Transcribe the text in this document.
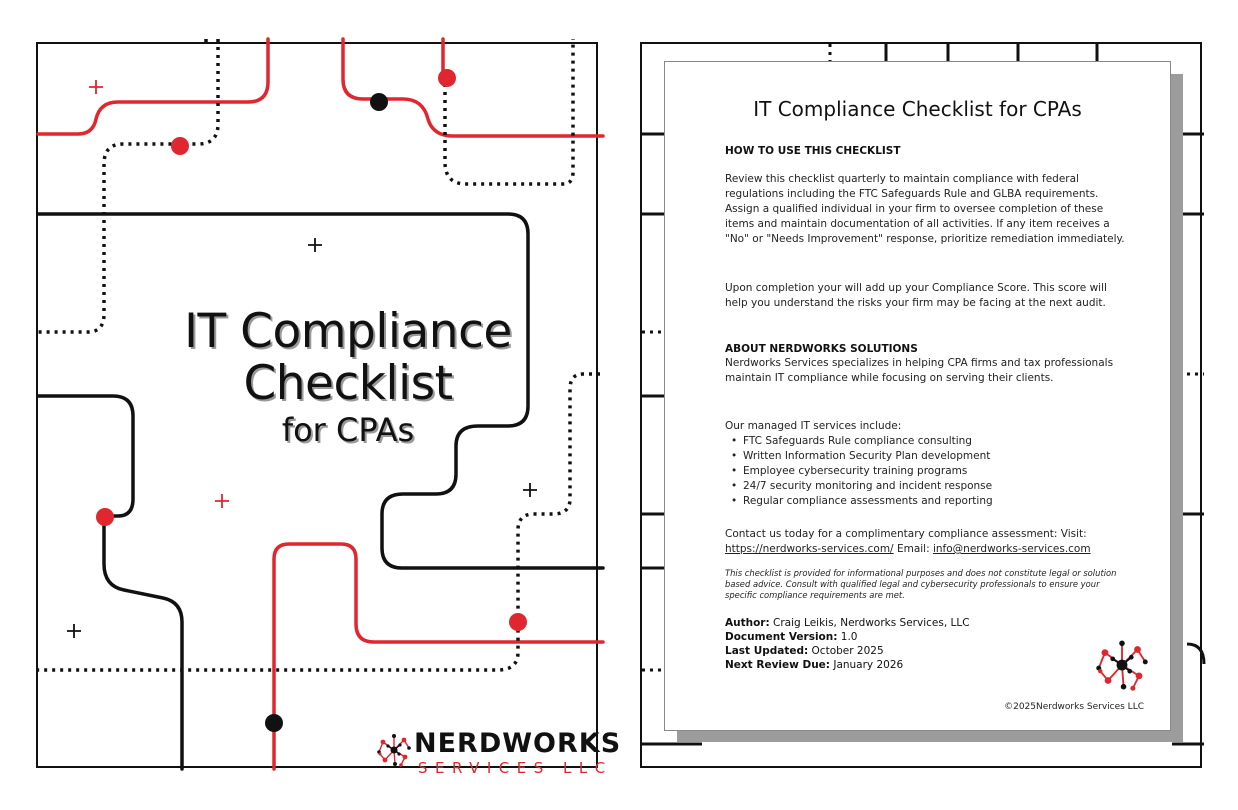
IT Compliance
Checklist
for CPAs
NERDWORKS
SERVICES LLC
IT Compliance Checklist for CPAs
HOW TO USE THIS CHECKLIST
Review this checklist quarterly to maintain compliance with federal regulations including the FTC Safeguards Rule and GLBA requirements. Assign a qualified individual in your firm to oversee completion of these items and maintain documentation of all activities. If any item receives a "No" or "Needs Improvement" response, prioritize remediation immediately.
Upon completion your will add up your Compliance Score. This score will help you understand the risks your firm may be facing at the next audit.
ABOUT NERDWORKS SOLUTIONS
Nerdworks Services specializes in helping CPA firms and tax professionals maintain IT compliance while focusing on serving their clients.

Our managed IT services include:

• FTC Safeguards Rule compliance consulting
• Written Information Security Plan development
• Employee cybersecurity training programs
• 24/7 security monitoring and incident response
• Regular compliance assessments and reporting
Contact us today for a complimentary compliance assessment: Visit:
https://nerdworks-services.com/ Email: info@nerdworks-services.com
This checklist is provided for informational purposes and does not constitute legal or solution based advice. Consult with qualified legal and cybersecurity professionals to ensure your specific compliance requirements are met.
Author: Craig Leikis, Nerdworks Services, LLC
Document Version: 1.0
Last Updated: October 2025
Next Review Due: January 2026
©2025Nerdworks Services LLC
